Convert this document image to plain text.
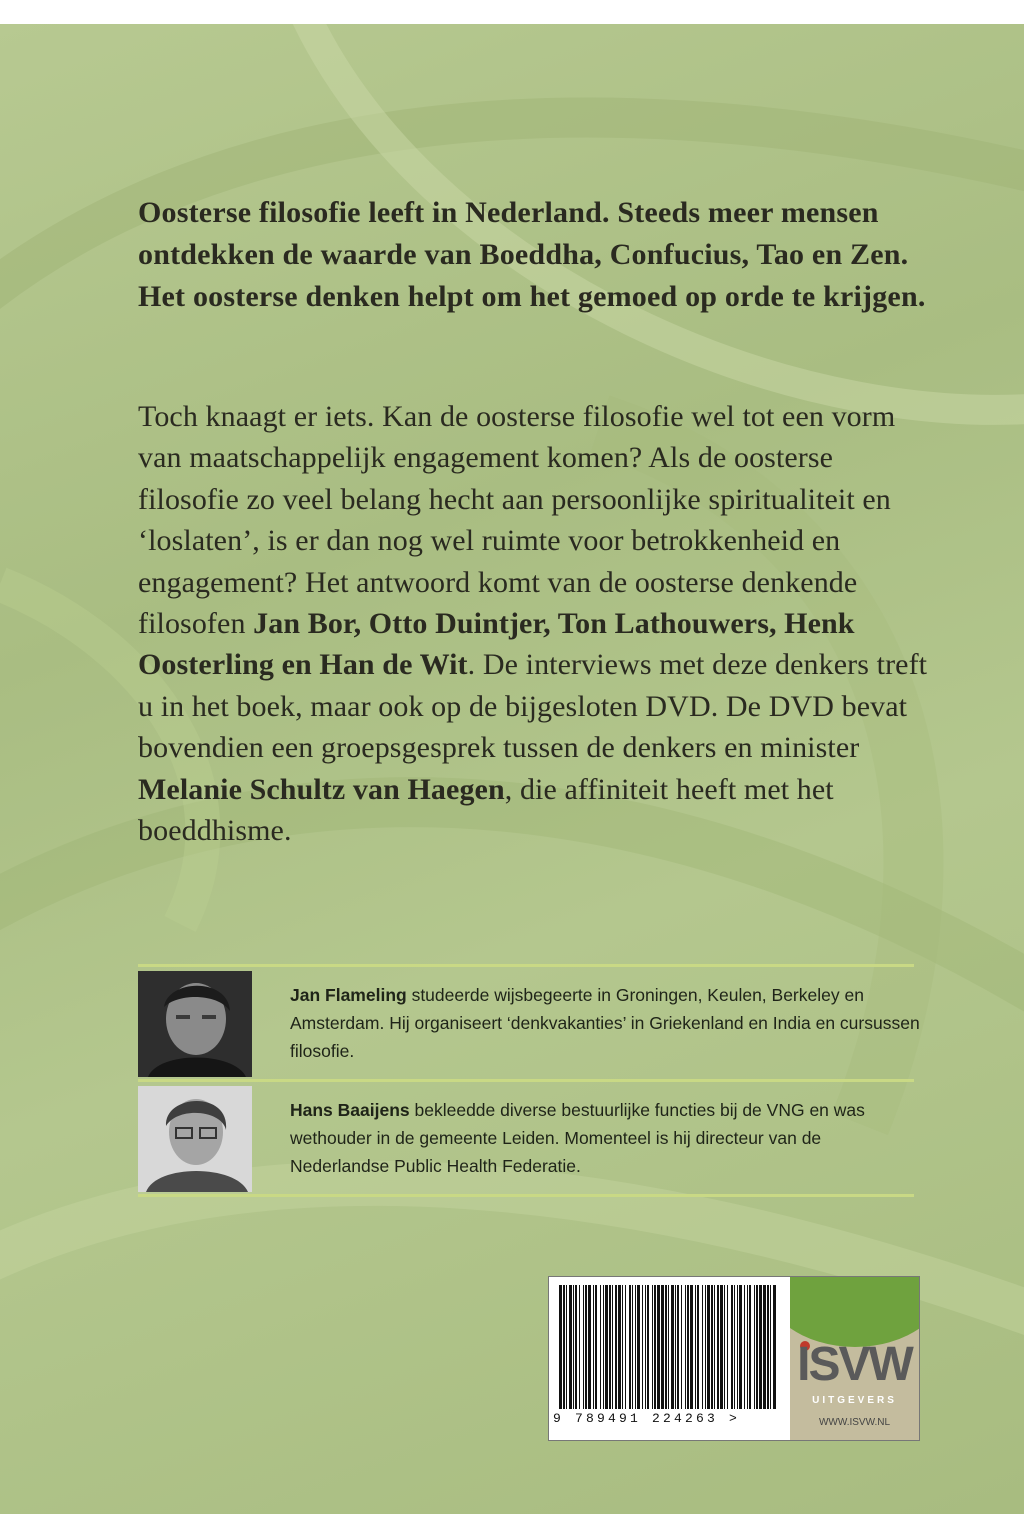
Oosterse filosofie leeft in Nederland. Steeds meer mensen ontdekken de waarde van Boeddha, Confucius, Tao en Zen. Het oosterse denken helpt om het gemoed op orde te krijgen.
Toch knaagt er iets. Kan de oosterse filosofie wel tot een vorm van maatschappelijk engagement komen? Als de oosterse filosofie zo veel belang hecht aan persoonlijke spiritualiteit en ‘loslaten’, is er dan nog wel ruimte voor betrokkenheid en engagement? Het antwoord komt van de oosterse denkende filosofen Jan Bor, Otto Duintjer, Ton Lathouwers, Henk Oosterling en Han de Wit. De interviews met deze denkers treft u in het boek, maar ook op de bijgesloten DVD. De DVD bevat bovendien een groepsgesprek tussen de denkers en minister Melanie Schultz van Haegen, die affiniteit heeft met het boeddhisme.
Jan Flameling studeerde wijsbegeerte in Groningen, Keulen, Berkeley en Amsterdam. Hij organiseert ‘denkvakanties’ in Griekenland en India en cursussen filosofie.
Hans Baaijens bekleedde diverse bestuurlijke functies bij de VNG en was wethouder in de gemeente Leiden. Momenteel is hij directeur van de Nederlandse Public Health Federatie.
9 789491 224263 >
ISVW
UITGEVERS
WWW.ISVW.NL
